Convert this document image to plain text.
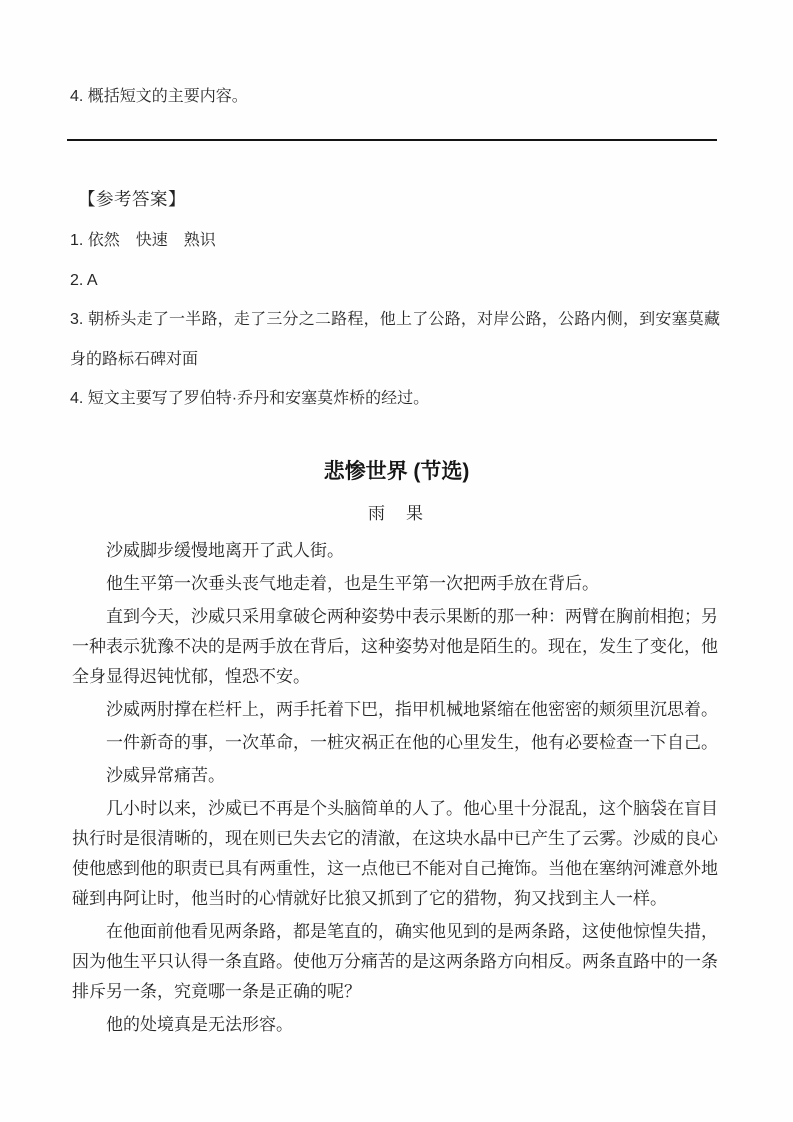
4. 概括短文的主要内容。
【参考答案】
1. 依然　快速　熟识
2. A
3. 朝桥头走了一半路，走了三分之二路程，他上了公路，对岸公路，公路内侧，到安塞莫藏身的路标石碑对面
4. 短文主要写了罗伯特·乔丹和安塞莫炸桥的经过。
悲惨世界 (节选)
雨　果

沙威脚步缓慢地离开了武人街。

他生平第一次垂头丧气地走着，也是生平第一次把两手放在背后。

直到今天，沙威只采用拿破仑两种姿势中表示果断的那一种：两臂在胸前相抱；另一种表示犹豫不决的是两手放在背后，这种姿势对他是陌生的。现在，发生了变化，他全身显得迟钝忧郁，惶恐不安。

沙威两肘撑在栏杆上，两手托着下巴，指甲机械地紧缩在他密密的颊须里沉思着。

一件新奇的事，一次革命，一桩灾祸正在他的心里发生，他有必要检查一下自己。

沙威异常痛苦。

几小时以来，沙威已不再是个头脑简单的人了。他心里十分混乱，这个脑袋在盲目执行时是很清晰的，现在则已失去它的清澈，在这块水晶中已产生了云雾。沙威的良心使他感到他的职责已具有两重性，这一点他已不能对自己掩饰。当他在塞纳河滩意外地碰到冉阿让时，他当时的心情就好比狼又抓到了它的猎物，狗又找到主人一样。

在他面前他看见两条路，都是笔直的，确实他见到的是两条路，这使他惊惶失措，因为他生平只认得一条直路。使他万分痛苦的是这两条路方向相反。两条直路中的一条排斥另一条，究竟哪一条是正确的呢？

他的处境真是无法形容。
